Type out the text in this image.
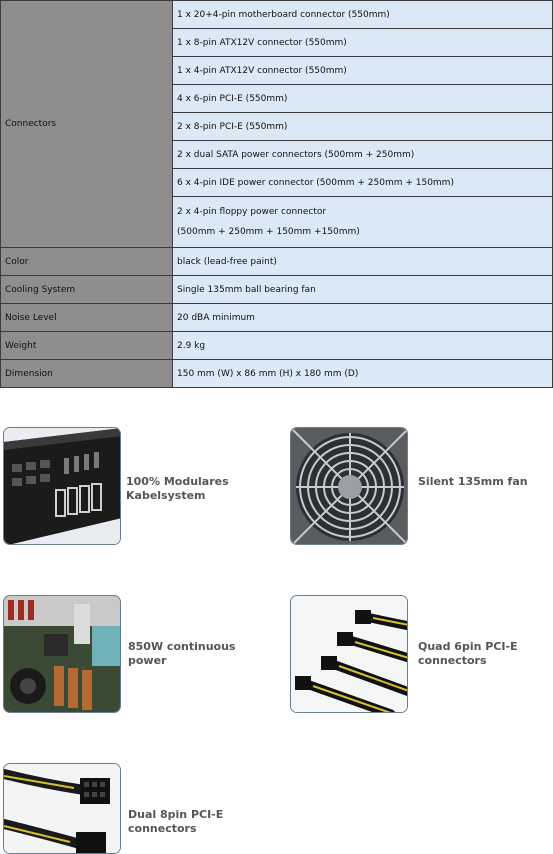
Connectors	1 x 20+4-pin motherboard connector (550mm)
	1 x 8-pin ATX12V connector (550mm)
	1 x 4-pin ATX12V connector (550mm)
	4 x 6-pin PCI-E (550mm)
	2 x 8-pin PCI-E (550mm)
	2 x dual SATA power connectors (500mm + 250mm)
	6 x 4-pin IDE power connector (500mm + 250mm + 150mm)

	2 x 4-pin floppy power connector
(500mm + 250mm + 150mm +150mm)

Color	black (lead-free paint)
Cooling System	Single 135mm ball bearing fan
Noise Level	20 dBA minimum
Weight	2.9 kg
Dimension	150 mm (W) x 86 mm (H) x 180 mm (D)
100% Modulares
Kabelsystem
Silent 135mm fan
850W continuous
power
Quad 6pin PCI-E
connectors
Dual 8pin PCI-E
connectors
